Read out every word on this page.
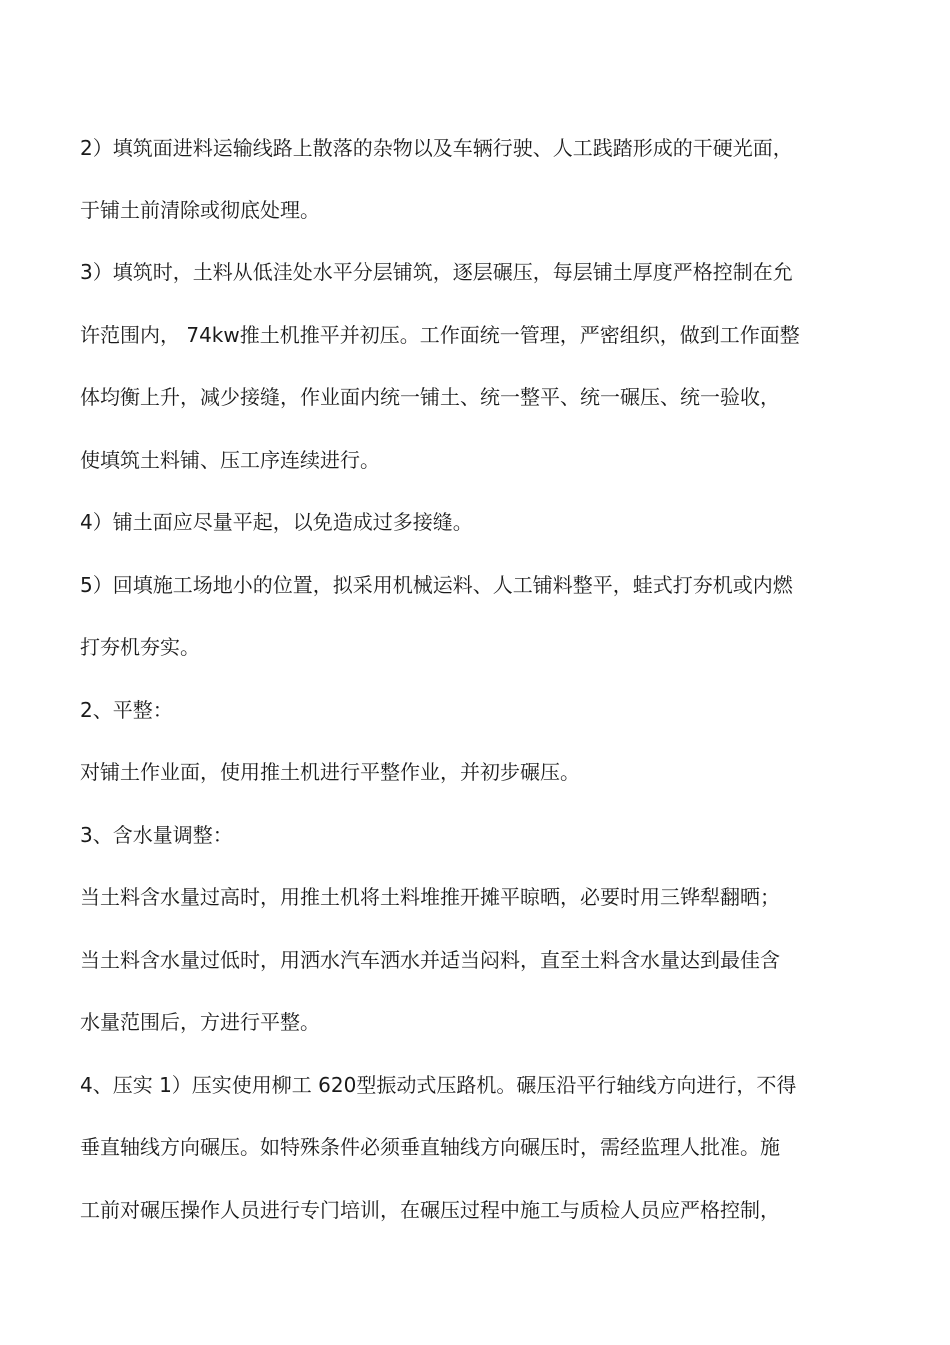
2）填筑面进料运输线路上散落的杂物以及车辆行驶、人工践踏形成的干硬光面，

于铺土前清除或彻底处理。

3）填筑时，土料从低洼处水平分层铺筑，逐层碾压，每层铺土厚度严格控制在允

许范围内， 74kw推土机推平并初压。工作面统一管理，严密组织，做到工作面整

体均衡上升，减少接缝，作业面内统一铺土、统一整平、统一碾压、统一验收，

使填筑土料铺、压工序连续进行。

4）铺土面应尽量平起，以免造成过多接缝。

5）回填施工场地小的位置，拟采用机械运料、人工铺料整平，蛙式打夯机或内燃

打夯机夯实。

2、平整：

对铺土作业面，使用推土机进行平整作业，并初步碾压。

3、含水量调整：

当土料含水量过高时，用推土机将土料堆推开摊平晾晒，必要时用三铧犁翻晒；

当土料含水量过低时，用洒水汽车洒水并适当闷料，直至土料含水量达到最佳含

水量范围后，方进行平整。

4、压实 1）压实使用柳工 620型振动式压路机。碾压沿平行轴线方向进行，不得

垂直轴线方向碾压。如特殊条件必须垂直轴线方向碾压时，需经监理人批准。施

工前对碾压操作人员进行专门培训，在碾压过程中施工与质检人员应严格控制，
